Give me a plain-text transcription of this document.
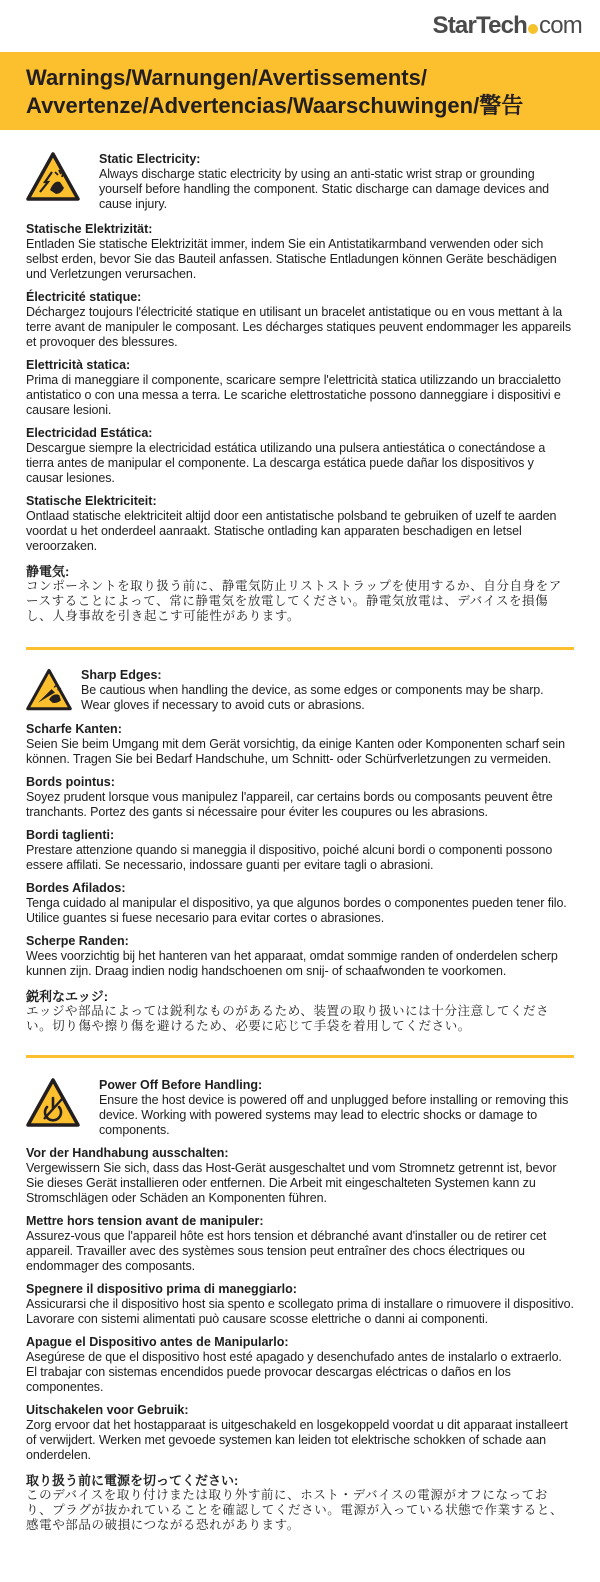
StarTech com
Warnings/Warnungen/Avertissements/
Avvertenze/Advertencias/Waarschuwingen/警告
Static Electricity:
Always discharge static electricity by using an anti-static wrist strap or grounding yourself before handling the component. Static discharge can damage devices and cause injury.
Statische Elektrizität:
Entladen Sie statische Elektrizität immer, indem Sie ein Antistatikarmband verwenden oder sich selbst erden, bevor Sie das Bauteil anfassen. Statische Entladungen können Geräte beschädigen und Verletzungen verursachen.
Électricité statique:
Déchargez toujours l'électricité statique en utilisant un bracelet antistatique ou en vous mettant à la terre avant de manipuler le composant. Les décharges statiques peuvent endommager les appareils et provoquer des blessures.
Elettricità statica:
Prima di maneggiare il componente, scaricare sempre l'elettricità statica utilizzando un braccialetto antistatico o con una messa a terra. Le scariche elettrostatiche possono danneggiare i dispositivi e causare lesioni.
Electricidad Estática:
Descargue siempre la electricidad estática utilizando una pulsera antiestática o conectándose a tierra antes de manipular el componente. La descarga estática puede dañar los dispositivos y causar lesiones.
Statische Elektriciteit:
Ontlaad statische elektriciteit altijd door een antistatische polsband te gebruiken of uzelf te aarden voordat u het onderdeel aanraakt. Statische ontlading kan apparaten beschadigen en letsel veroorzaken.
静電気:
コンポーネントを取り扱う前に、静電気防止リストストラップを使用するか、自分自身をアースすることによって、常に静電気を放電してください。静電気放電は、デバイスを損傷し、人身事故を引き起こす可能性があります。
Sharp Edges:
Be cautious when handling the device, as some edges or components may be sharp. Wear gloves if necessary to avoid cuts or abrasions.
Scharfe Kanten:
Seien Sie beim Umgang mit dem Gerät vorsichtig, da einige Kanten oder Komponenten scharf sein können. Tragen Sie bei Bedarf Handschuhe, um Schnitt- oder Schürfverletzungen zu vermeiden.
Bords pointus:
Soyez prudent lorsque vous manipulez l'appareil, car certains bords ou composants peuvent être tranchants. Portez des gants si nécessaire pour éviter les coupures ou les abrasions.
Bordi taglienti:
Prestare attenzione quando si maneggia il dispositivo, poiché alcuni bordi o componenti possono essere affilati. Se necessario, indossare guanti per evitare tagli o abrasioni.
Bordes Afilados:
Tenga cuidado al manipular el dispositivo, ya que algunos bordes o componentes pueden tener filo. Utilice guantes si fuese necesario para evitar cortes o abrasiones.
Scherpe Randen:
Wees voorzichtig bij het hanteren van het apparaat, omdat sommige randen of onderdelen scherp kunnen zijn. Draag indien nodig handschoenen om snij- of schaafwonden te voorkomen.
鋭利なエッジ:
エッジや部品によっては鋭利なものがあるため、装置の取り扱いには十分注意してください。切り傷や擦り傷を避けるため、必要に応じて手袋を着用してください。
Power Off Before Handling:
Ensure the host device is powered off and unplugged before installing or removing this device. Working with powered systems may lead to electric shocks or damage to components.
Vor der Handhabung ausschalten:
Vergewissern Sie sich, dass das Host-Gerät ausgeschaltet und vom Stromnetz getrennt ist, bevor Sie dieses Gerät installieren oder entfernen. Die Arbeit mit eingeschalteten Systemen kann zu Stromschlägen oder Schäden an Komponenten führen.
Mettre hors tension avant de manipuler:
Assurez-vous que l'appareil hôte est hors tension et débranché avant d'installer ou de retirer cet appareil. Travailler avec des systèmes sous tension peut entraîner des chocs électriques ou endommager des composants.
Spegnere il dispositivo prima di maneggiarlo:
Assicurarsi che il dispositivo host sia spento e scollegato prima di installare o rimuovere il dispositivo. Lavorare con sistemi alimentati può causare scosse elettriche o danni ai componenti.
Apague el Dispositivo antes de Manipularlo:
Asegúrese de que el dispositivo host esté apagado y desenchufado antes de instalarlo o extraerlo. El trabajar con sistemas encendidos puede provocar descargas eléctricas o daños en los componentes.
Uitschakelen voor Gebruik:
Zorg ervoor dat het hostapparaat is uitgeschakeld en losgekoppeld voordat u dit apparaat installeert of verwijdert. Werken met gevoede systemen kan leiden tot elektrische schokken of schade aan onderdelen.
取り扱う前に電源を切ってください:
このデバイスを取り付けまたは取り外す前に、ホスト・デバイスの電源がオフになっており、プラグが抜かれていることを確認してください。電源が入っている状態で作業すると、感電や部品の破損につながる恐れがあります。
